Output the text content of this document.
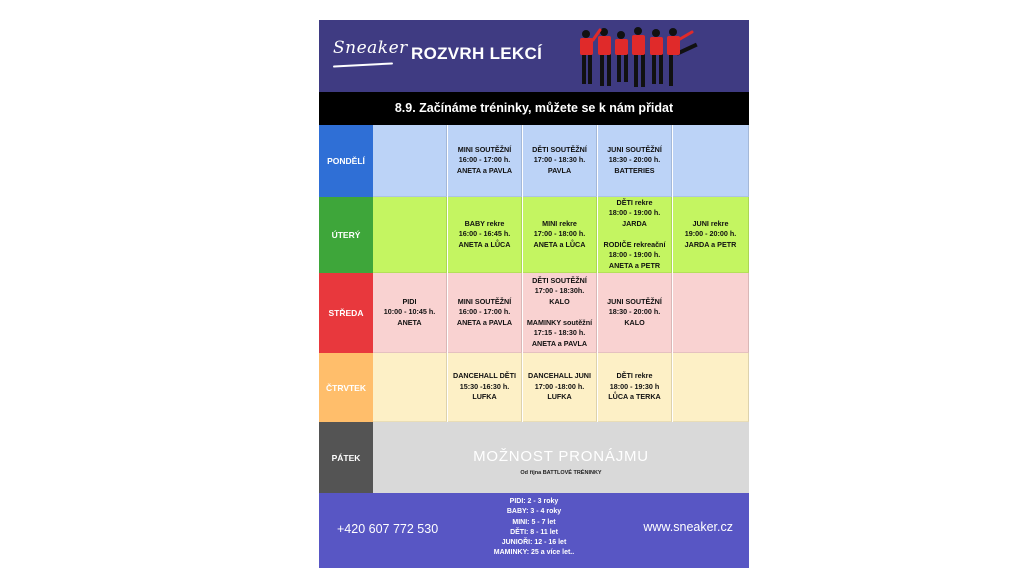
Sneaker ROZVRH LEKCÍ
8.9. Začínáme tréninky, můžete se k nám přidat
PONDĚLÍ
MINI SOUTĚŽNÍ
16:00 - 17:00 h.
ANETA a PAVLA
DĚTI SOUTĚŽNÍ
17:00 - 18:30 h.
PAVLA
JUNI SOUTĚŽNÍ
18:30 - 20:00 h.
BATTERIES
ÚTERÝ
BABY rekre
16:00 - 16:45 h.
ANETA a LŮCA
MINI rekre
17:00 - 18:00 h.
ANETA a LŮCA
DĚTI rekre
18:00 - 19:00 h.
JARDA

RODIČE rekreační
18:00 - 19:00 h.
ANETA a PETR
JUNI rekre
19:00 - 20:00 h.
JARDA a PETR
STŘEDA
PIDI
10:00 - 10:45 h.
ANETA
MINI SOUTĚŽNÍ
16:00 - 17:00 h.
ANETA a PAVLA
DĚTI SOUTĚŽNÍ
17:00 - 18:30h.
KALO

MAMINKY soutěžní
17:15 - 18:30 h.
ANETA a PAVLA
JUNI SOUTĚŽNÍ
18:30 - 20:00 h.
KALO
ČTRVTEK
DANCEHALL DĚTI
15:30 -16:30 h.
LUFKA
DANCEHALL JUNI
17:00 -18:00 h.
LUFKA
DĚTI rekre
18:00 - 19:30 h
LŮCA a TERKA
PÁTEK	MOŽNOST PRONÁJMU
Od října BATTLOVÉ TRÉNINKY
+420 607 772 530
PIDI: 2 - 3 roky
BABY: 3 - 4 roky
MINI: 5 - 7 let
DĚTI: 8 - 11 let
JUNIOŘI: 12 - 16 let
MAMINKY: 25 a více let..
www.sneaker.cz
